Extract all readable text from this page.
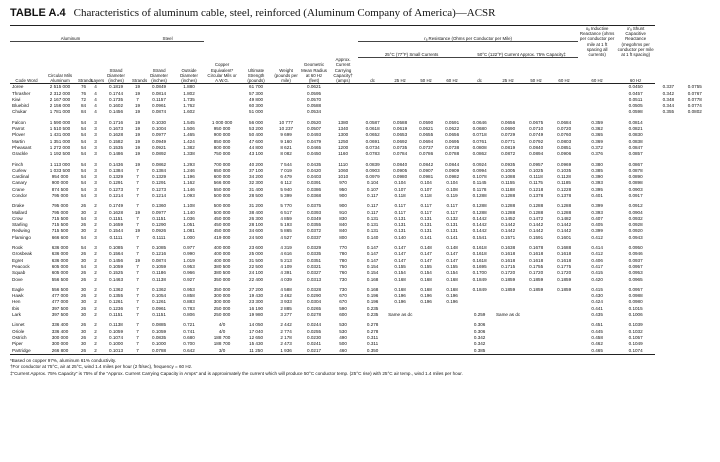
TABLE A.4 Characteristics of aluminum cable, steel, reinforced (Aluminum Company of America)—ACSR
Aluminum					Steel								rₐ Resistance (Ohms per Conductor per Mile)								xₐ Inductive Reactance (ohms per conductor per mile at 1 ft spacing all currents)	x′ₐ Shunt Capacitive Reactance (megohms per conductor per mile at 1 ft spacing)		
													25°C (77°F) Small Currents				50°C (122°F) Current Approx. 75% Capacity‡							
Code Word	Circular Mils Aluminum	Strands	Layers	Strand Diameter (inches)	Strands	Strand Diameter (inches)	Outside Diameter (inches)	Copper Equivalent* Circular Mils or A.W.G.	Ultimate Strength (pounds)	Weight (pounds per mile)	Geometric Mean Radius at 60 Hz (feet)	Approx. Current Carrying Capacity† (amps)	dc	25 Hz	50 Hz	60 Hz	dc	25 Hz	50 Hz	60 Hz	60 Hz	60 Hz		
Joree	2 515 000	76	4	0.1819	19	0.0849	1.880		61 700		0.0621											0.0450	0.337	0.0755
Thrasher	2 312 000	76	4	0.1744	19	0.0814	1.802		57 300		0.0595											0.0457	0.342	0.0767
Kiwi	2 167 000	72	4	0.1735	7	0.1157	1.735		49 800		0.0570											0.0511	0.348	0.0778
Bluebird	2 156 000	84	4	0.1602	19	0.0961	1.762		60 300		0.0588											0.0505	0.344	0.0774
Chukar	1 781 000	84	4	0.1456	19	0.0874	1.602		51 000		0.0534											0.0598	0.355	0.0802
Falcon	1 590 000	54	3	0.1716	19	0.1030	1.545	1 000 000	56 000	10 777	0.0520	1380	0.0587	0.0588	0.0590	0.0591	0.0646	0.0656	0.0675	0.0684	0.359	0.0814		
Parrot	1 510 500	54	3	0.1673	19	0.1004	1.506	950 000	53 200	10 237	0.0507	1340	0.0618	0.0619	0.0621	0.0622	0.0680	0.0690	0.0710	0.0720	0.362	0.0821		
Plover	1 431 000	54	3	0.1628	19	0.0977	1.465	900 000	50 400	9 699	0.0493	1300	0.0652	0.0653	0.0655	0.0656	0.0718	0.0729	0.0749	0.0760	0.365	0.0830		
Martin	1 351 000	54	3	0.1582	19	0.0949	1.424	850 000	47 600	9 160	0.0479	1250	0.0691	0.0692	0.0694	0.0695	0.0761	0.0771	0.0792	0.0803	0.369	0.0838		
Pheasant	1 272 000	54	3	0.1535	19	0.0921	1.382	800 000	44 800	8 621	0.0465	1200	0.0734	0.0735	0.0737	0.0738	0.0808	0.0819	0.0840	0.0851	0.372	0.0847		
Grackle	1 192 500	54	3	0.1486	19	0.0892	1.338	750 000	43 100	8 082	0.0450	1160	0.0783	0.0784	0.0786	0.0788	0.0862	0.0872	0.0894	0.0906	0.376	0.0857		
Finch	1 113 000	54	3	0.1436	19	0.0862	1.293	700 000	40 200	7 544	0.0435	1110	0.0839	0.0840	0.0842	0.0844	0.0924	0.0935	0.0957	0.0969	0.380	0.0867		
Curlew	1 033 500	54	3	0.1384	7	0.1384	1.246	650 000	37 100	7 019	0.0420	1060	0.0903	0.0905	0.0907	0.0909	0.0994	0.1005	0.1025	0.1035	0.385	0.0878		
Cardinal	954 000	54	3	0.1329	7	0.1329	1.196	600 000	34 200	6 479	0.0403	1010	0.0979	0.0980	0.0981	0.0982	0.1078	0.1088	0.1118	0.1128	0.390	0.0890		
Canary	900 000	54	3	0.1291	7	0.1291	1.162	566 000	32 300	6 112	0.0391	970	0.104	0.104	0.104	0.104	0.1145	0.1155	0.1175	0.1185	0.393	0.0898		
Crane	874 500	54	3	0.1273	7	0.1273	1.146	550 000	31 400	5 940	0.0386	950	0.107	0.107	0.107	0.108	0.1178	0.1188	0.1218	0.1228	0.395	0.0903		
Condor	795 000	54	3	0.1214	7	0.1214	1.093	500 000	28 500	5 399	0.0368	900	0.117	0.118	0.118	0.119	0.1288	0.1288	0.1378	0.1378	0.401	0.0917		
Drake	795 000	26	2	0.1749	7	0.1360	1.108	500 000	31 200	5 770	0.0375	900	0.117	0.117	0.117	0.117	0.1288	0.1288	0.1288	0.1288	0.399	0.0912		
Mallard	795 000	30	2	0.1628	19	0.0977	1.140	500 000	38 400	6 517	0.0393	910	0.117	0.117	0.117	0.117	0.1288	0.1288	0.1288	0.1288	0.393	0.0904		
Crow	715 500	54	3	0.1151	7	0.1151	1.036	450 000	26 300	4 859	0.0349	830	0.131	0.131	0.131	0.132	0.1442	0.1452	0.1472	0.1482	0.407	0.0932		
Starling	715 500	26	2	0.1659	7	0.1290	1.051	450 000	28 100	5 193	0.0355	840	0.131	0.131	0.131	0.131	0.1442	0.1442	0.1442	0.1442	0.405	0.0928		
Redwing	715 500	30	2	0.1544	19	0.0926	1.081	450 000	34 600	5 865	0.0372	840	0.131	0.131	0.131	0.131	0.1442	0.1442	0.1442	0.1442	0.399	0.0920		
Flamingo	666 600	54	3	0.1111	7	0.1111	1.000	419 000	24 500	4 527	0.0337	800	0.140	0.140	0.141	0.141	0.1541	0.1571	0.1591	0.1601	0.412	0.0943		
Rook	636 000	54	3	0.1085	7	0.1085	0.977	400 000	23 600	4 319	0.0329	770	0.147	0.147	0.148	0.148	0.1618	0.1638	0.1678	0.1688	0.414	0.0950		
Grosbeak	636 000	26	2	0.1564	7	0.1216	0.990	400 000	25 000	4 616	0.0335	780	0.147	0.147	0.147	0.147	0.1618	0.1618	0.1618	0.1618	0.412	0.0946		
Egret	636 000	30	2	0.1456	19	0.0874	1.019	400 000	31 500	5 213	0.0351	780	0.147	0.147	0.147	0.147	0.1618	0.1618	0.1618	0.1618	0.406	0.0937		
Peacock	605 000	54	3	0.1059	7	0.1059	0.953	380 500	22 500	4 109	0.0321	750	0.154	0.155	0.155	0.155	0.1695	0.1715	0.1755	0.1775	0.417	0.0957		
Squab	605 000	26	2	0.1525	7	0.1186	0.966	380 500	24 100	4 391	0.0327	760	0.154	0.154	0.154	0.154	0.1700	0.1720	0.1720	0.1720	0.415	0.0953		
Dove	556 500	26	2	0.1463	7	0.1138	0.927	350 000	22 400	4 039	0.0313	730	0.168	0.168	0.168	0.168	0.1849	0.1859	0.1859	0.1859	0.420	0.0965		
Eagle	556 500	30	2	0.1362	7	0.1362	0.953	350 000	27 200	4 588	0.0328	730	0.168	0.168	0.168	0.168	0.1849	0.1859	0.1859	0.1859	0.415	0.0957		
Hawk	477 000	26	2	0.1355	7	0.1054	0.858	300 000	19 430	3 462	0.0290	670	0.196	0.196	0.196	0.196					0.430	0.0988		
Hen	477 000	30	2	0.1261	7	0.1261	0.883	300 000	23 300	3 933	0.0304	670	0.196	0.196	0.196	0.196					0.424	0.0980		
Ibis	397 500	26	2	0.1236	7	0.0961	0.783	250 000	16 190	2 885	0.0265	590	0.235								0.441	0.1015		
Lark	397 500	30	2	0.1151	7	0.1151	0.806	250 000	19 980	3 277	0.0278	600	0.235	Same as dc			0.259	Same as dc			0.435	0.1006		
Linnet	336 400	26	2	0.1138	7	0.0885	0.721	4/0	14 050	2 442	0.0244	530	0.278				0.306				0.451	0.1039		
Oriole	336 400	30	2	0.1059	7	0.1059	0.741	4/0	17 040	2 774	0.0255	530	0.278				0.306				0.445	0.1032		
Ostrich	300 000	26	2	0.1074	7	0.0835	0.680	188 700	12 650	2 178	0.0230	490	0.311				0.342				0.458	0.1057		
Piper	300 000	30	2	0.1000	7	0.1000	0.700	188 700	15 430	2 473	0.0241	500	0.311				0.342				0.462	0.1049		
Partridge	266 800	26	2	0.1013	7	0.0788	0.642	3/0	11 250	1 936	0.0217	460	0.350				0.385				0.465	0.1074		
*Based on copper 97%, aluminum 61% conductivity.
†For conductor at 75°C, air at 25°C, wind 1.4 miles per hour (2 ft/sec), frequency = 60 Hz.
‡“Current Approx. 75% Capacity” is 75% of the “Approx. Current Carrying Capacity in Amps” and is approximately the current which will produce 50°C conductor temp. (25°C rise) with 25°C air temp., wind 1.4 miles per hour.
